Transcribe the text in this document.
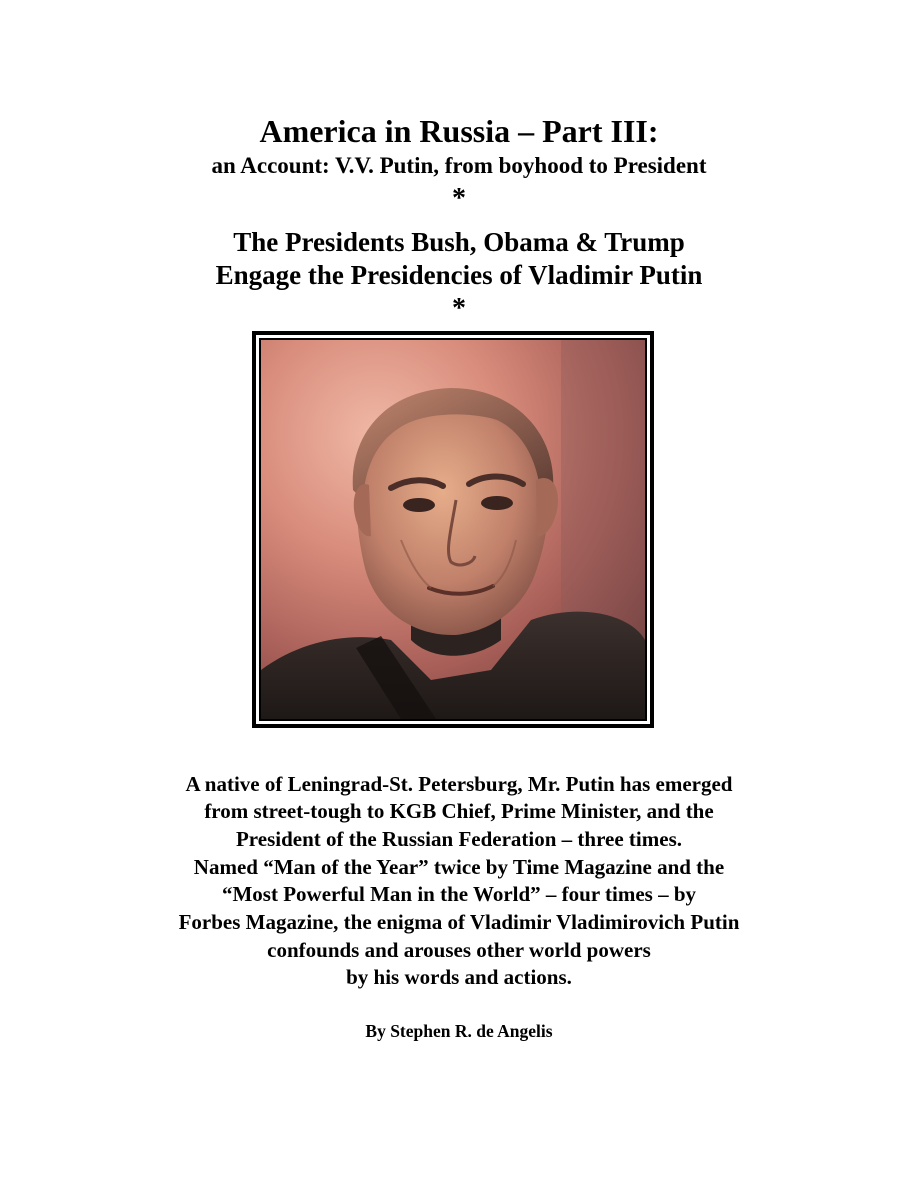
America in Russia – Part III:
an Account: V.V. Putin, from boyhood to President
*
The Presidents Bush, Obama & Trump
Engage the Presidencies of Vladimir Putin
*
A native of Leningrad-St. Petersburg, Mr. Putin has emerged
from street-tough to KGB Chief, Prime Minister, and the
President of the Russian Federation – three times.
Named “Man of the Year” twice by Time Magazine and the
“Most Powerful Man in the World” – four times – by
Forbes Magazine, the enigma of Vladimir Vladimirovich Putin
confounds and arouses other world powers
by his words and actions.
By Stephen R. de Angelis
